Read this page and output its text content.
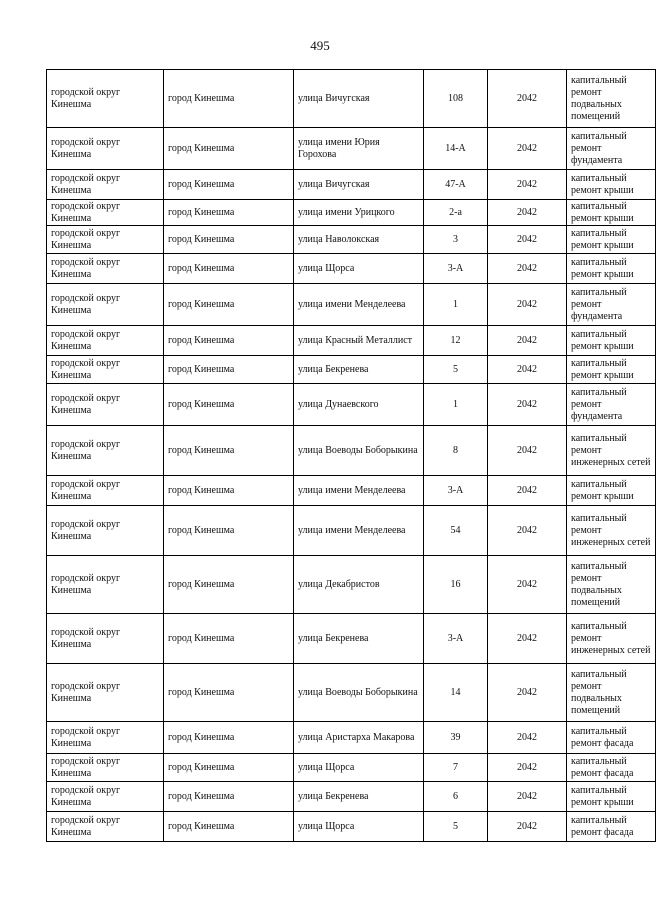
495
городской округ Кинешма	город Кинешма	улица Вичугская	108	2042	капитальный ремонт подвальных помещений
городской округ Кинешма	город Кинешма	улица имени Юрия Горохова	14-А	2042	капитальный ремонт фундамента
городской округ Кинешма	город Кинешма	улица Вичугская	47-А	2042	капитальный ремонт крыши
городской округ Кинешма	город Кинешма	улица имени Урицкого	2-а	2042	капитальный ремонт крыши
городской округ Кинешма	город Кинешма	улица Наволокская	3	2042	капитальный ремонт крыши
городской округ Кинешма	город Кинешма	улица Щорса	3-А	2042	капитальный ремонт крыши
городской округ Кинешма	город Кинешма	улица имени Менделеева	1	2042	капитальный ремонт фундамента
городской округ Кинешма	город Кинешма	улица Красный Металлист	12	2042	капитальный ремонт крыши
городской округ Кинешма	город Кинешма	улица Бекренева	5	2042	капитальный ремонт крыши
городской округ Кинешма	город Кинешма	улица Дунаевского	1	2042	капитальный ремонт фундамента
городской округ Кинешма	город Кинешма	улица Воеводы Боборыкина	8	2042	капитальный ремонт инженерных сетей
городской округ Кинешма	город Кинешма	улица имени Менделеева	3-А	2042	капитальный ремонт крыши
городской округ Кинешма	город Кинешма	улица имени Менделеева	54	2042	капитальный ремонт инженерных сетей
городской округ Кинешма	город Кинешма	улица Декабристов	16	2042	капитальный ремонт подвальных помещений
городской округ Кинешма	город Кинешма	улица Бекренева	3-А	2042	капитальный ремонт инженерных сетей
городской округ Кинешма	город Кинешма	улица Воеводы Боборыкина	14	2042	капитальный ремонт подвальных помещений
городской округ Кинешма	город Кинешма	улица Аристарха Макарова	39	2042	капитальный ремонт фасада
городской округ Кинешма	город Кинешма	улица Щорса	7	2042	капитальный ремонт фасада
городской округ Кинешма	город Кинешма	улица Бекренева	6	2042	капитальный ремонт крыши
городской округ Кинешма	город Кинешма	улица Щорса	5	2042	капитальный ремонт фасада
